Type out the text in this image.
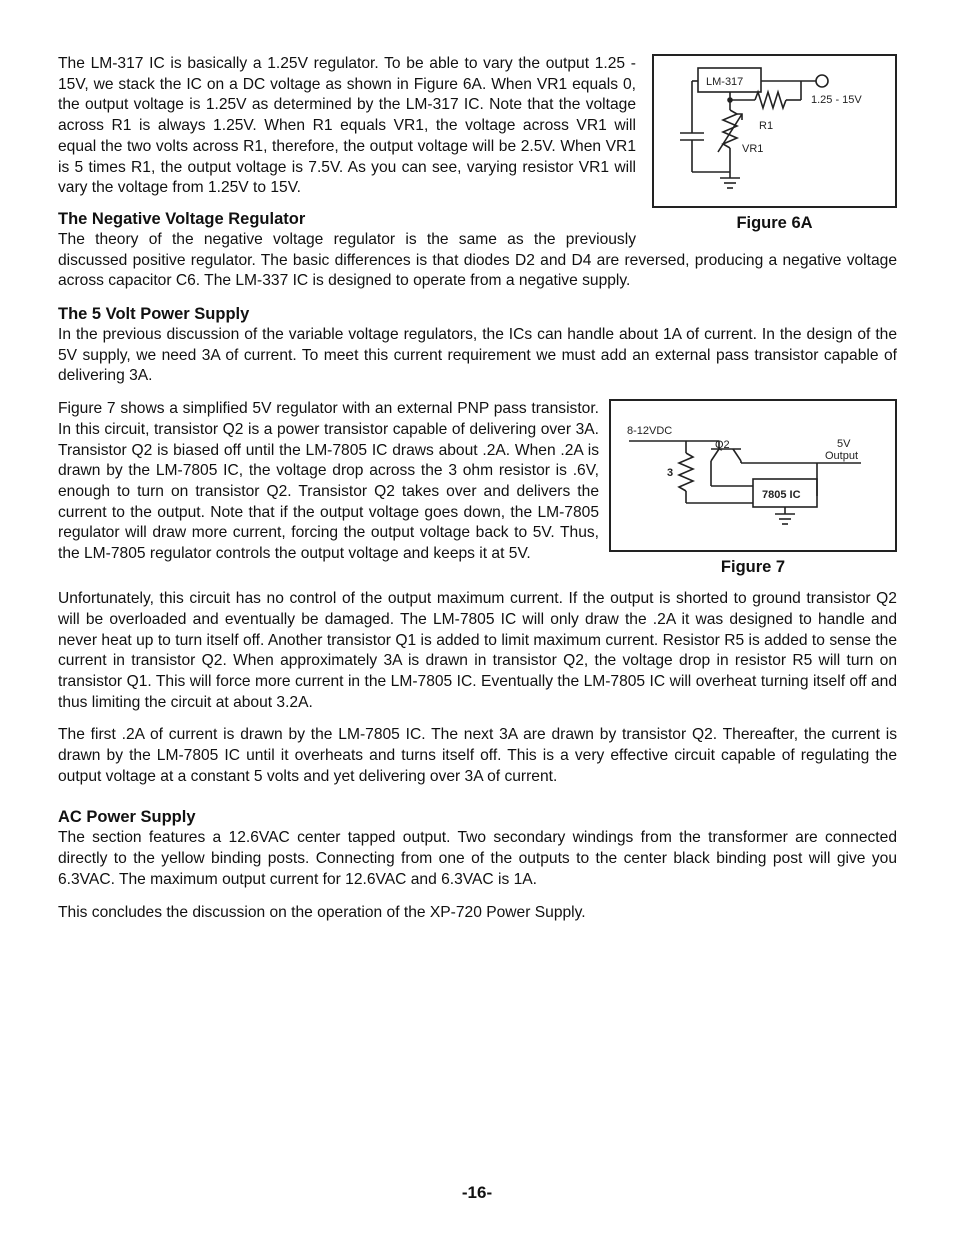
LM-317
1.25 - 15V
R1
VR1
Figure 6A

The LM-317 IC is basically a 1.25V regulator. To be able to vary the output 1.25 - 15V, we stack the IC on a DC voltage as shown in Figure 6A. When VR1 equals 0, the output voltage is 1.25V as determined by the LM-317 IC. Note that the voltage across R1 is always 1.25V. When R1 equals VR1, the voltage across VR1 will equal the two volts across R1, therefore, the output voltage will be 2.5V. When VR1 is 5 times R1, the output voltage is 7.5V. As you can see, varying resistor VR1 will vary the voltage from 1.25V to 15V.

The Negative Voltage Regulator

The theory of the negative voltage regulator is the same as the previously discussed positive regulator. The basic differences is that diodes D2 and D4 are reversed, producing a negative voltage across capacitor C6. The LM-337 IC is designed to operate from a negative supply.

The 5 Volt Power Supply

In the previous discussion of the variable voltage regulators, the ICs can handle about 1A of current. In the design of the 5V supply, we need 3A of current. To meet this current requirement we must add an external pass transistor capable of delivering 3A.

8-12VDC
Q2
3
7805 IC
5V
Output
Figure 7

Figure 7 shows a simplified 5V regulator with an external PNP pass transistor. In this circuit, transistor Q2 is a power transistor capable of delivering over 3A. Transistor Q2 is biased off until the LM-7805 IC draws about .2A. When .2A is drawn by the LM-7805 IC, the voltage drop across the 3 ohm resistor is .6V, enough to turn on transistor Q2. Transistor Q2 takes over and delivers the current to the output. Note that if the output voltage goes down, the LM-7805 regulator will draw more current, forcing the output voltage back to 5V. Thus, the LM-7805 regulator controls the output voltage and keeps it at 5V.

Unfortunately, this circuit has no control of the output maximum current. If the output is shorted to ground transistor Q2 will be overloaded and eventually be damaged. The LM-7805 IC will only draw the .2A it was designed to handle and never heat up to turn itself off. Another transistor Q1 is added to limit maximum current. Resistor R5 is added to sense the current in transistor Q2. When approximately 3A is drawn in transistor Q2, the voltage drop in resistor R5 will turn on transistor Q1. This will force more current in the LM-7805 IC. Eventually the LM-7805 IC will overheat turning itself off and thus limiting the circuit at about 3.2A.

The first .2A of current is drawn by the LM-7805 IC. The next 3A are drawn by transistor Q2. Thereafter, the current is drawn by the LM-7805 IC until it overheats and turns itself off. This is a very effective circuit capable of regulating the output voltage at a constant 5 volts and yet delivering over 3A of current.

AC Power Supply

The section features a 12.6VAC center tapped output. Two secondary windings from the transformer are connected directly to the yellow binding posts. Connecting from one of the outputs to the center black binding post will give you 6.3VAC. The maximum output current for 12.6VAC and 6.3VAC is 1A.

This concludes the discussion on the operation of the XP-720 Power Supply.

-16-
